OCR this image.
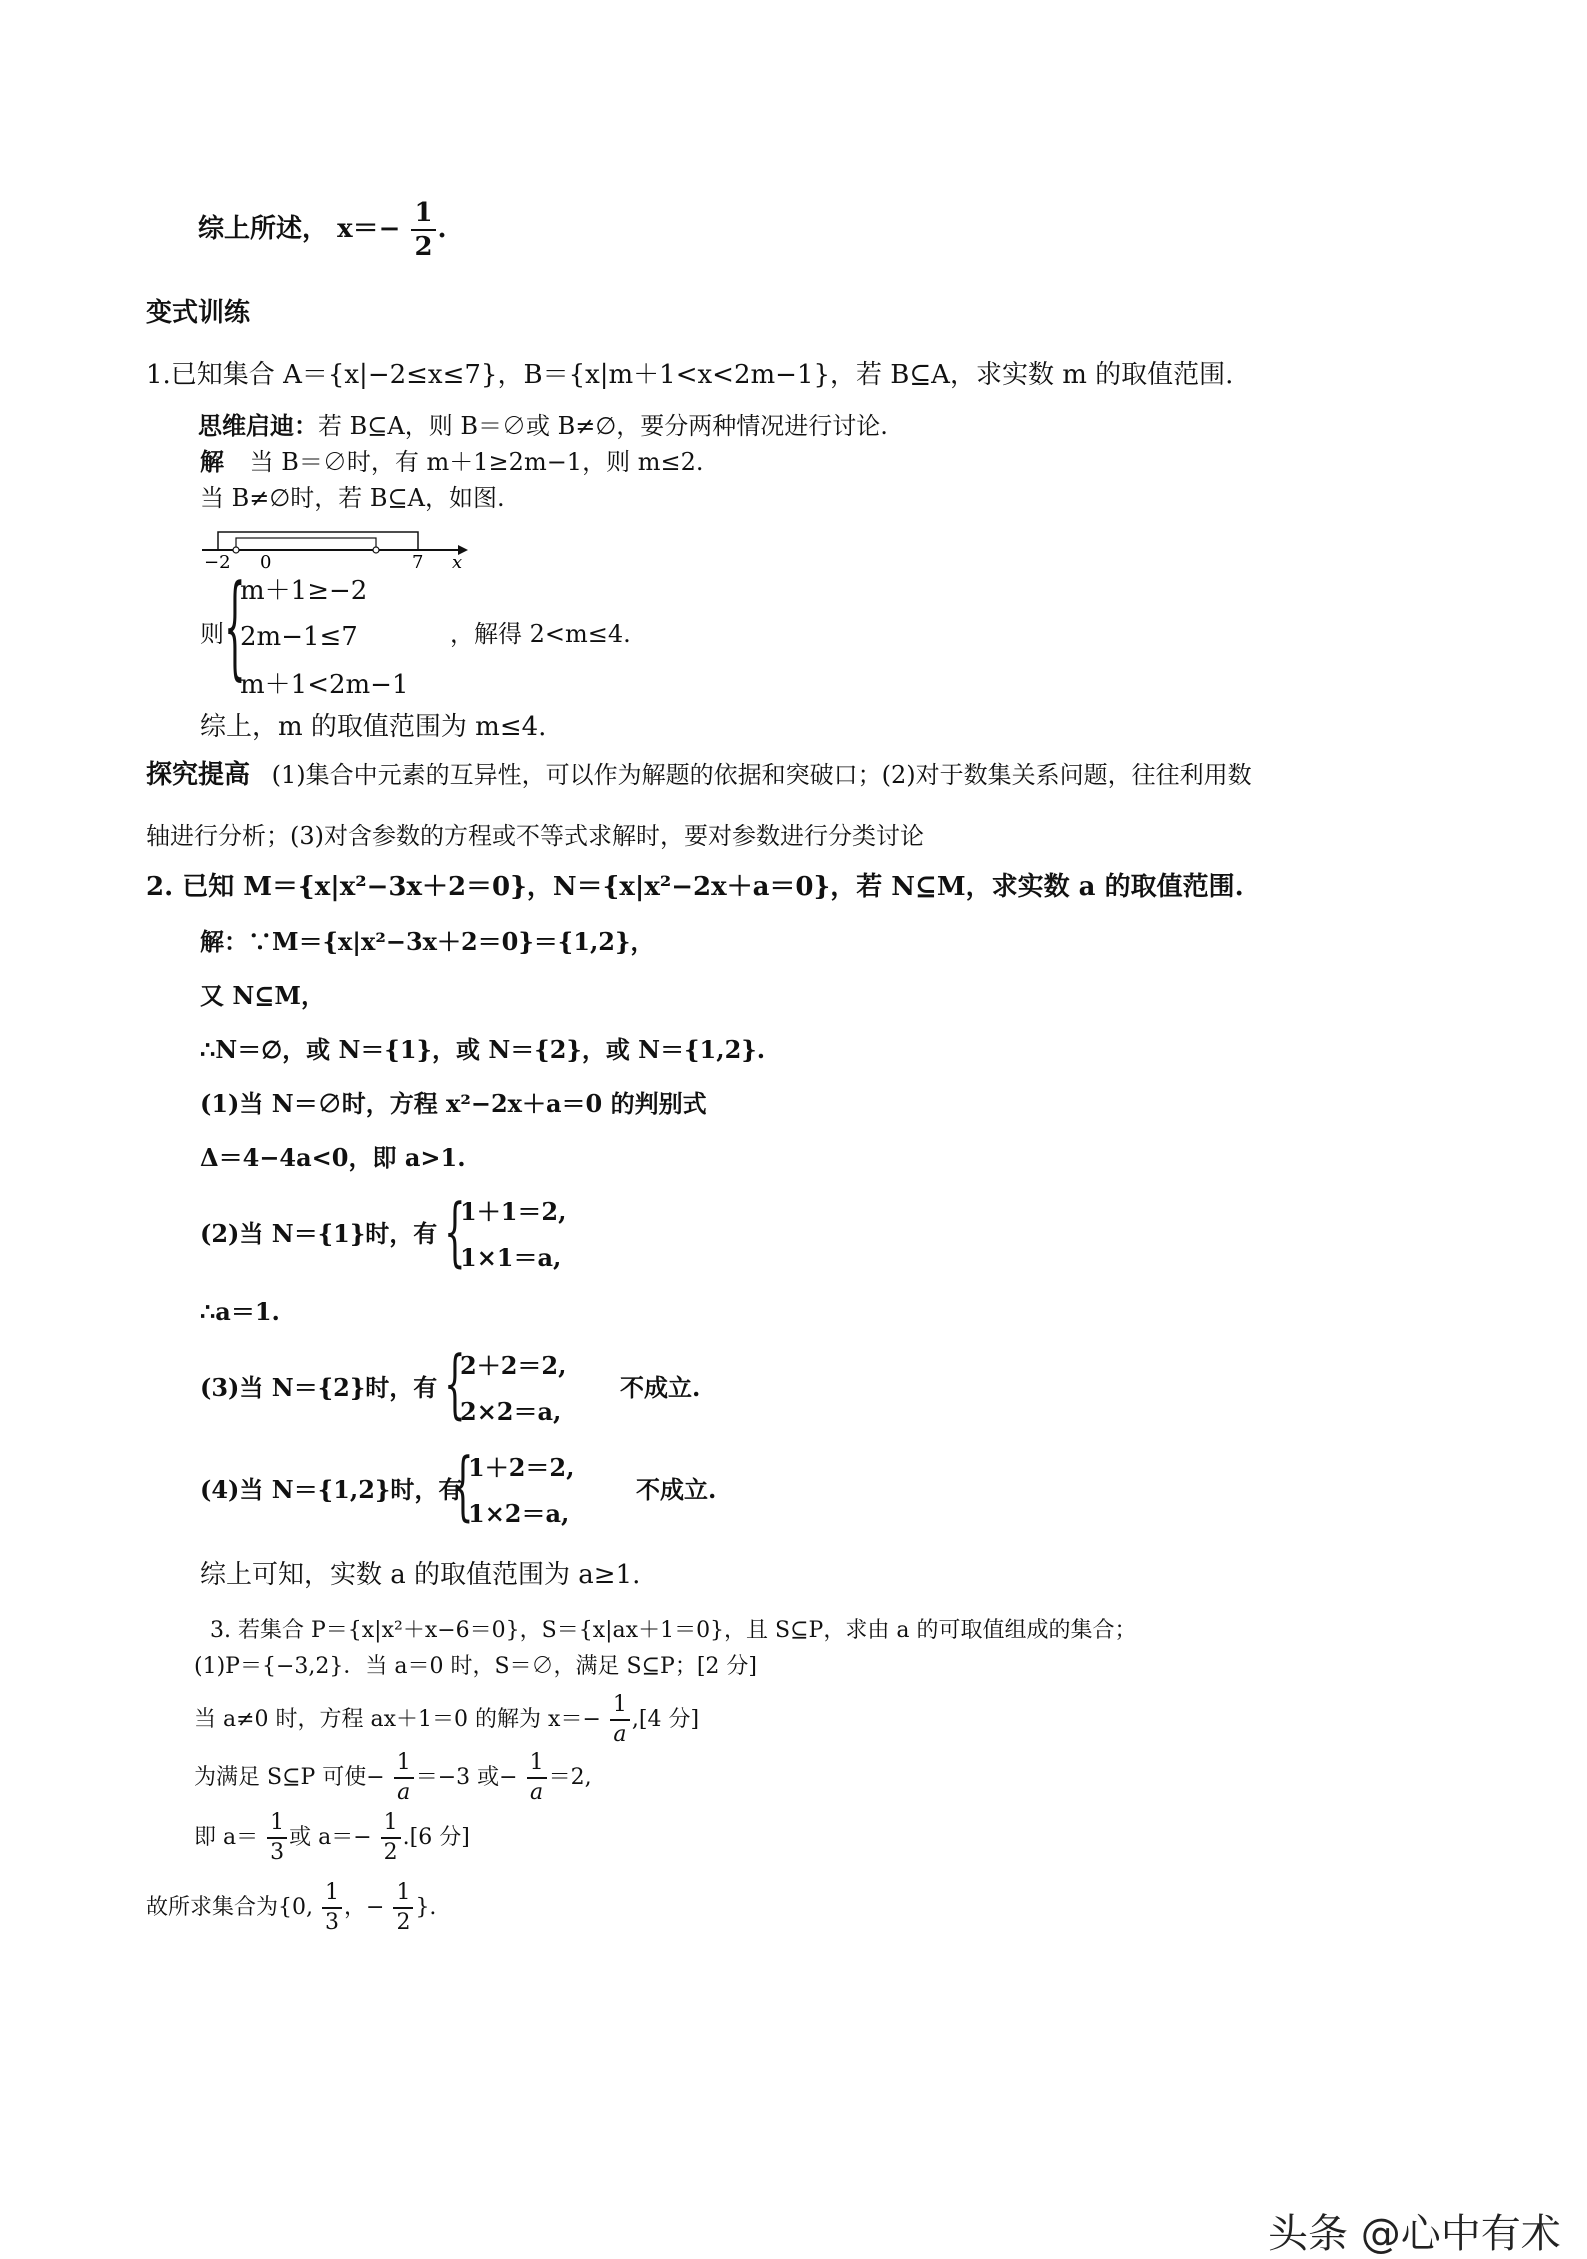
综上所述， $x=- \frac{1}{2}$ .
变式训练
1.已知集合 A＝{x|−2≤x≤7}，B＝{x|m＋1<x<2m−1}，若 B⊆A，求实数 m 的取值范围.
思维启迪：若 B⊆A，则 B＝∅或 B≠∅，要分两种情况进行讨论.
解 当 B＝∅时，有 m＋1≥2m−1，则 m≤2.
当 B≠∅时，若 B⊆A，如图.
−2 0	7 x
则 {
m＋1≥−2
2m−1≤7
m＋1<2m−1
，解得 2<m≤4.
综上，m 的取值范围为 m≤4.
探究提高 (1)集合中元素的互异性，可以作为解题的依据和突破口；(2)对于数集关系问题，往往利用数
轴进行分析；(3)对含参数的方程或不等式求解时，要对参数进行分类讨论
2. 已知 M＝{x|x²−3x＋2＝0}，N＝{x|x²−2x＋a＝0}，若 N⊆M，求实数 a 的取值范围.
解：∵M＝{x|x²−3x＋2＝0}＝{1,2}，
又 N⊆M，
∴N＝∅，或 N＝{1}，或 N＝{2}，或 N＝{1,2}.
(1)当 N＝∅时，方程 x²−2x＋a＝0 的判别式
Δ＝4−4a<0，即 a>1.
(2)当 N＝{1}时，有 {
1＋1＝2,
1×1＝a,
∴a＝1.
(3)当 N＝{2}时，有 {
2＋2＝2,
2×2＝a,
不成立.
(4)当 N＝{1,2}时，有
{
1＋2＝2,
1×2＝a,
不成立.
综上可知，实数 a 的取值范围为 a≥1.
3. 若集合 P＝{x|x²＋x−6＝0}，S＝{x|ax＋1＝0}，且 S⊆P，求由 a 的可取值组成的集合；
(1)P＝{−3,2}．当 a＝0 时，S＝∅，满足 S⊆P；[2 分]
当 a≠0 时，方程 ax＋1＝0 的解为 $x=- \frac{1}{a} ,[4$ 分]
为满足 S⊆P 可使− $\frac{1}{a} =-3$ 或− $\frac{1}{a} =2$,
即 $a= \frac{1}{3}$ 或 $a=- \frac{1}{2} .[6$ 分]
故所求集合为{0, $\frac{1}{3}$ ，− $\frac{1}{2}$ }.
头条 @心中有术
